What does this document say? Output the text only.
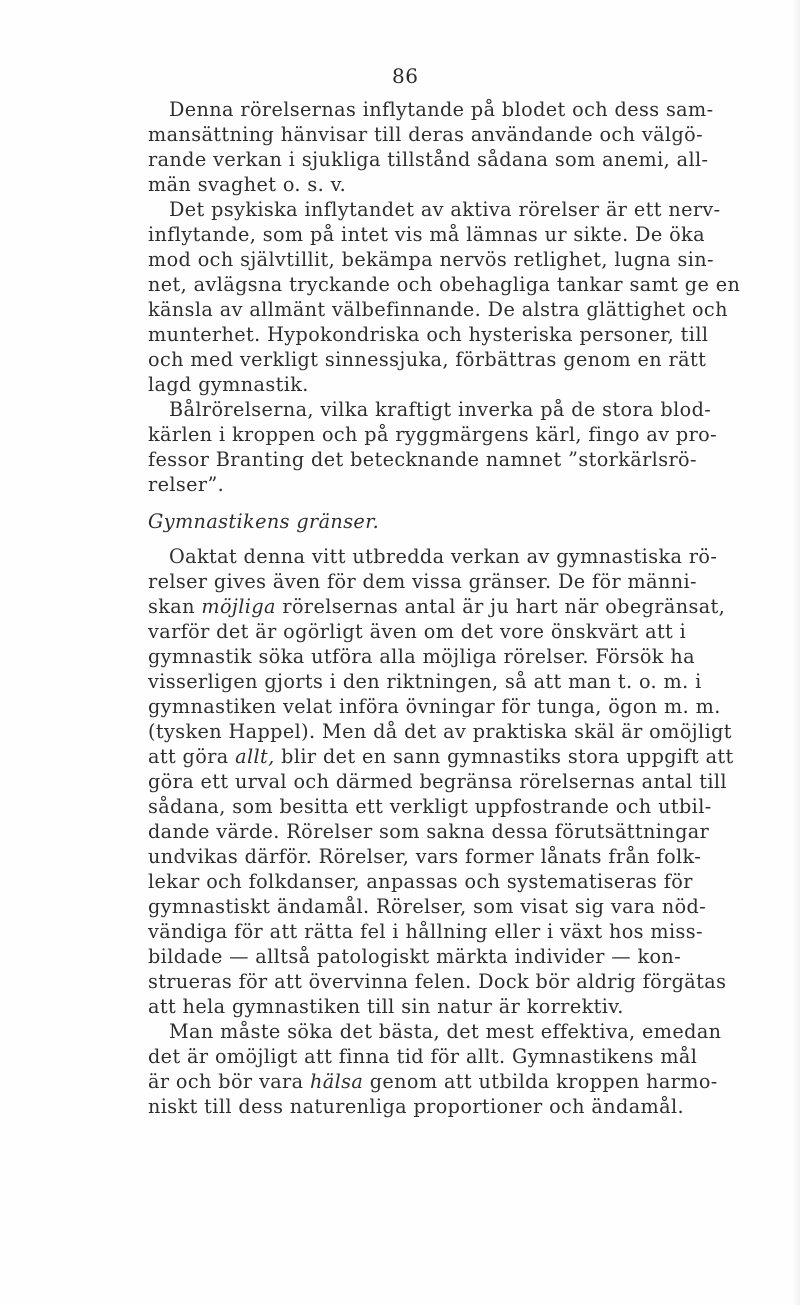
86
Denna rörelsernas inflytande på blodet och dess sam-
mansättning hänvisar till deras användande och välgö-
rande verkan i sjukliga tillstånd sådana som anemi, all-
män svaghet o. s. v.
Det psykiska inflytandet av aktiva rörelser är ett nerv-
inflytande, som på intet vis må lämnas ur sikte. De öka
mod och självtillit, bekämpa nervös retlighet, lugna sin-
net, avlägsna tryckande och obehagliga tankar samt ge en
känsla av allmänt välbefinnande. De alstra glättighet och
munterhet. Hypokondriska och hysteriska personer, till
och med verkligt sinnessjuka, förbättras genom en rätt
lagd gymnastik.
Bålrörelserna, vilka kraftigt inverka på de stora blod-
kärlen i kroppen och på ryggmärgens kärl, fingo av pro-
fessor Branting det betecknande namnet ”storkärlsrö-
relser”.
Gymnastikens gränser.
Oaktat denna vitt utbredda verkan av gymnastiska rö-
relser gives även för dem vissa gränser. De för männi-
skan möjliga rörelsernas antal är ju hart när obegränsat,
varför det är ogörligt även om det vore önskvärt att i
gymnastik söka utföra alla möjliga rörelser. Försök ha
visserligen gjorts i den riktningen, så att man t. o. m. i
gymnastiken velat införa övningar för tunga, ögon m. m.
(tysken Happel). Men då det av praktiska skäl är omöjligt
att göra allt, blir det en sann gymnastiks stora uppgift att
göra ett urval och därmed begränsa rörelsernas antal till
sådana, som besitta ett verkligt uppfostrande och utbil-
dande värde. Rörelser som sakna dessa förutsättningar
undvikas därför. Rörelser, vars former lånats från folk-
lekar och folkdanser, anpassas och systematiseras för
gymnastiskt ändamål. Rörelser, som visat sig vara nöd-
vändiga för att rätta fel i hållning eller i växt hos miss-
bildade — alltså patologiskt märkta individer — kon-
strueras för att övervinna felen. Dock bör aldrig förgätas
att hela gymnastiken till sin natur är korrektiv.
Man måste söka det bästa, det mest effektiva, emedan
det är omöjligt att finna tid för allt. Gymnastikens mål
är och bör vara hälsa genom att utbilda kroppen harmo-
niskt till dess naturenliga proportioner och ändamål.
